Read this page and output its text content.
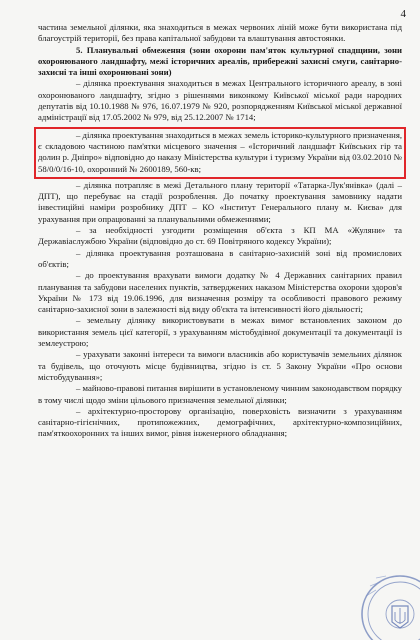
4

частина земельної ділянки, яка знаходиться в межах червоних ліній може бути використана під благоустрій території, без права капітальної забудови та влаштування автостоянки.

5. Планувальні обмеження (зони охорони пам'яток культурної спадщини, зони охоронюваного ландшафту, межі історичних ареалів, прибережні захисні смуги, санітарно-захисні та інші охоронювані зони)

– ділянка проектування знаходиться в межах Центрального історичного ареалу, в зоні охоронюваного ландшафту, згідно з рішеннями виконкому Київської міської ради народних депутатів від 10.10.1988 № 976, 16.07.1979 № 920, розпорядженням Київської міської державної адміністрації від 17.05.2002 № 979, від 25.12.2007 № 1714;

– ділянка проектування знаходиться в межах земель історико-культурного призначення, є складовою частиною пам'ятки місцевого значення – «Історичний ландшафт Київських гір та долин р. Дніпро» відповідно до наказу Міністерства культури і туризму України від 03.02.2010 № 58/0/0/16-10, охоронний № 2600189, 560-кв;

– ділянка потрапляє в межі Детального плану території «Татарка-Лук'янівка» (далі – ДПТ), що перебуває на стадії розроблення. До початку проектування замовнику надати інвестиційні наміри розробнику ДПТ – КО «Інститут Генерального плану м. Києва» для урахування при опрацюванні за планувальними обмеженнями;

– за необхідності узгодити розміщення об'єкта з КП МА «Жуляни» та Державіаслужбою України (відповідно до ст. 69 Повітряного кодексу України);

– ділянка проектування розташована в санітарно-захисній зоні від промислових об'єктів;

– до проектування врахувати вимоги додатку № 4 Державних санітарних правил планування та забудови населених пунктів, затверджених наказом Міністерства охорони здоров'я України № 173 від 19.06.1996, для визначення розміру та особливості правового режиму санітарно-захисної зони в залежності від виду об'єкта та інтенсивності його діяльності;

– земельну ділянку використовувати в межах вимог встановлених законом до використання земель цієї категорії, з урахуванням містобудівної документації та документації із землеустрою;

– урахувати законні інтереси та вимоги власників або користувачів земельних ділянок та будівель, що оточують місце будівництва, згідно із ст. 5 Закону України «Про основи містобудування»;

– майново-правові питання вирішити в установленому чинним законодавством порядку в тому числі щодо зміни цільового призначення земельної ділянки;

– архітектурно-просторову організацію, поверховість визначити з урахуванням санітарно-гігієнічних, протипожежних, демографічних, архітектурно-композиційних, пам'яткоохоронних та інших вимог, рівня інженерного обладнання;
